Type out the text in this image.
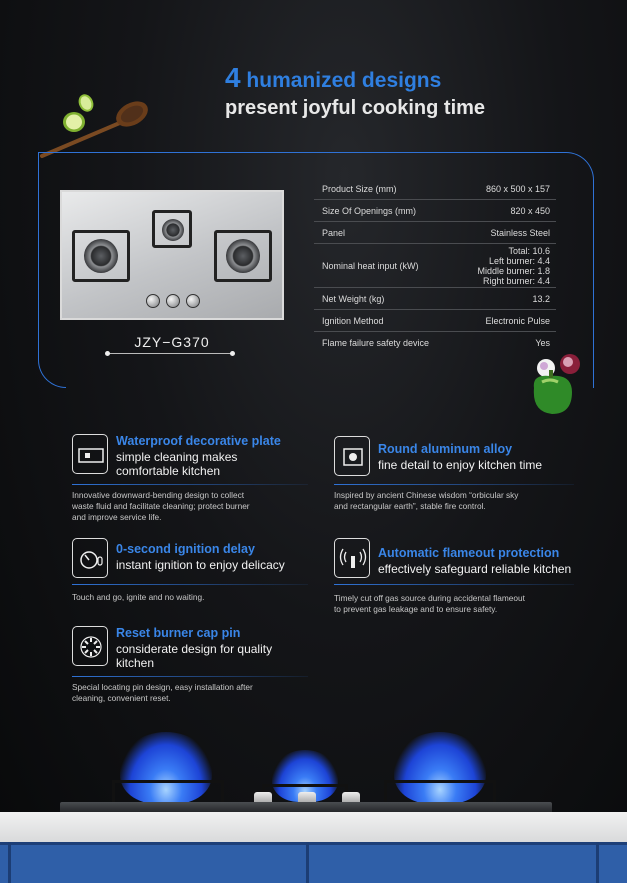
4 humanized designs
present joyful cooking time
JZY−G370
Product Size (mm)	860 x 500 x 157
Size Of Openings (mm)	820 x 450
Panel	Stainless Steel
Nominal heat input (kW)
Total: 10.6
Left burner: 4.4
Middle burner: 1.8
Right burner: 4.4
Net Weight (kg)	13.2
Ignition Method	Electronic Pulse
Flame failure safety device	Yes
Waterproof decorative plate
simple cleaning makes comfortable kitchen
Innovative downward-bending design to collect
waste fluid and facilitate cleaning; protect burner
and improve service life.
Round aluminum alloy
fine detail to enjoy kitchen time
Inspired by ancient Chinese wisdom “orbicular sky
and rectangular earth”, stable fire control.
0-second ignition delay
instant ignition to enjoy delicacy
Touch and go, ignite and no waiting.
Automatic flameout protection
effectively safeguard reliable kitchen
Timely cut off gas source during accidental flameout
to prevent gas leakage and to ensure safety.
Reset burner cap pin
considerate design for quality kitchen
Special locating pin design, easy installation after
cleaning, convenient reset.
